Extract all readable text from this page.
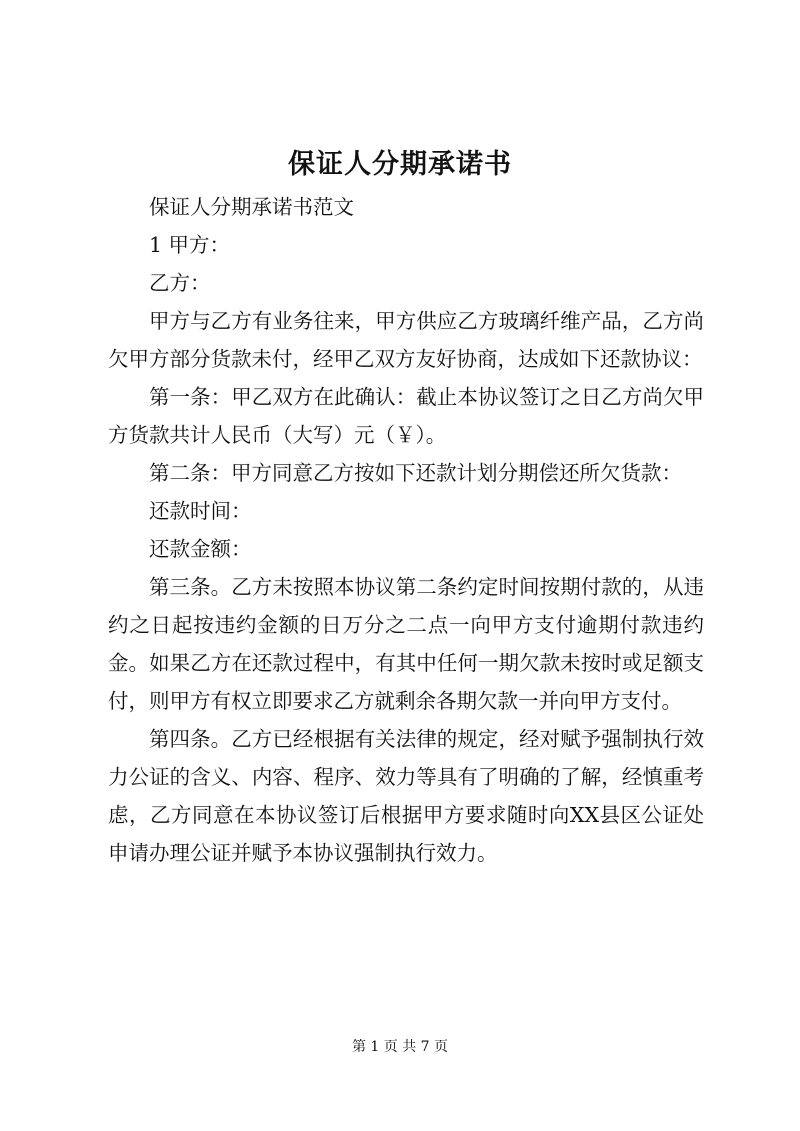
保证人分期承诺书

保证人分期承诺书范文

1 甲方：

乙方：

甲方与乙方有业务往来，甲方供应乙方玻璃纤维产品，乙方尚欠甲方部分货款未付，经甲乙双方友好协商，达成如下还款协议：

第一条：甲乙双方在此确认：截止本协议签订之日乙方尚欠甲方货款共计人民币（大写）元（￥）。

第二条：甲方同意乙方按如下还款计划分期偿还所欠货款：

还款时间：

还款金额：

第三条。乙方未按照本协议第二条约定时间按期付款的，从违约之日起按违约金额的日万分之二点一向甲方支付逾期付款违约金。如果乙方在还款过程中，有其中任何一期欠款未按时或足额支付，则甲方有权立即要求乙方就剩余各期欠款一并向甲方支付。

第四条。乙方已经根据有关法律的规定，经对赋予强制执行效力公证的含义、内容、程序、效力等具有了明确的了解，经慎重考虑，乙方同意在本协议签订后根据甲方要求随时向XX县区公证处申请办理公证并赋予本协议强制执行效力。

第 1 页 共 7 页
